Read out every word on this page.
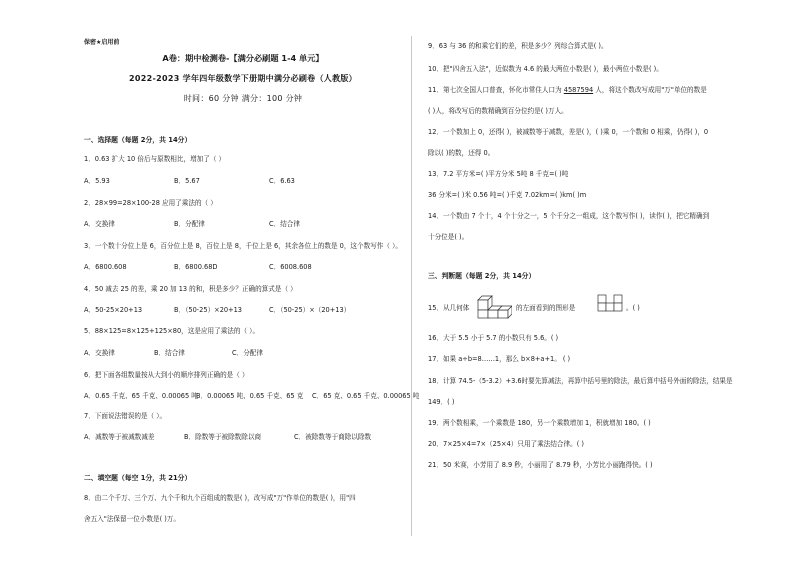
保密★启用前
A卷：期中检测卷-【满分必刷题 1-4 单元】
2022-2023 学年四年级数学下册期中满分必刷卷（人教版）
时间：60 分钟 满分：100 分钟
一、选择题（每题 2分，共 14分）
1．0.63 扩大 10 倍后与原数相比，增加了（ ）
A．5.93	B．5.67	C．6.63
2．28×99=28×100-28 应用了乘法的（ ）
A．交换律	B．分配律	C．结合律
3．一个数十分位上是 6，百分位上是 8，百位上是 8，千位上是 6，其余各位上的数是 0，这个数写作（ ）。
A．6800.608	B．6800.68D	C．6008.608
4．50 减去 25 的差，乘 20 加 13 的和，积是多少？正确的算式是（ ）
A．50-25×20+13	B．（50-25）×20+13	C．（50-25）×（20+13）
5．88×125=8×125+125×80，这是应用了乘法的（ ）。
A．交换律	B．结合律	C．分配律
6．把下面各组数量按从大到小的顺序排列正确的是（ ）
A．0.65 千克、65 千克、0.00065 吨
B．0.00065 吨、0.65 千克、65 克 C．65 克、0.65 千克、0.00065 吨
7．下面说法错误的是（ ）。
A．减数等于被减数减差	B．除数等于被除数除以商	C．被除数等于商除以除数
二、填空题（每空 1分，共 21分）
8．由二个千万、三个万、九个千和九个百组成的数是( )，改写成"万"作单位的数是( )，用"四
舍五入"法保留一位小数是( )万。
9．63 与 36 的和乘它们的差，积是多少？列综合算式是( )。
10．把"四舍五入法"，近似数为 4.6 的最大两位小数是( )，最小两位小数是( )。
11．第七次全国人口普查，怀化市常住人口为 4587594 人，将这个数改写成用"万"单位的数是
( )人，将改写后的数精确到百分位约是( )万人。
12．一个数加上 0，还得( )，被减数等于减数，差是( )，( )乘 0，一个数和 0 相乘，仍得( )，0
除以( )的数，还得 0。
13．7.2 平方米=( )平方分米 5吨 8 千克=( )吨
36 分米=( )米 0.56 吨=( )千克 7.02km=( )km( )m
14．一个数由 7 个十，4 个十分之一，5 个千分之一组成，这个数写作( )，读作( )，把它精确到
十分位是( )。
三、判断题（每题 2分，共 14分）
15．从几何体	的左面看到的图形是	。( )
16．大于 5.5 小于 5.7 的小数只有 5.6。( )
17．如果 a÷b=8……1，那么 b×8+a+1。 ( )
18．计算 74.5-（5-3.2）+3.6时要先算减法，再算中括号里的除法，最后算中括号外面的除法，结果是
149．( )
19．两个数相乘，一个乘数是 180，另一个乘数增加 1，积就增加 180。( )
20．7×25×4=7×（25×4）只用了乘法结合律。( )
21．50 米赛，小芳用了 8.9 秒，小丽用了 8.79 秒，小芳比小丽跑得快。( )
